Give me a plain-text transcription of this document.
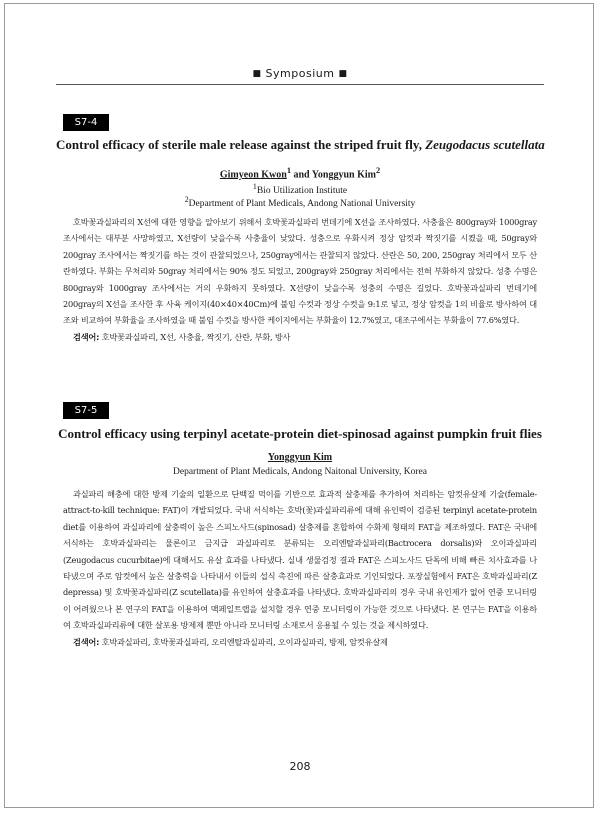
■ Symposium ■
S7-4
Control efficacy of sterile male release against the striped fruit fly, Zeugodacus scutellata
Gimyeon Kwon$^1$ and Yonggyun Kim$^2$
$^1$Bio Utilization Institute
$^2$Department of Plant Medicals, Andong National University

호박꽃과실파리의 X선에 대한 영향을 알아보기 위해서 호박꽃과실파리 번데기에 X선을 조사하였다. 사충율은 800gray와 1000gray 조사에서는 대부분 사망하였고, X선량이 낮을수록 사충율이 낮았다. 성충으로 우화시켜 정상 암컷과 짝짓기를 시켰을 때, 50gray와 200gray 조사에서는 짝짓기를 하는 것이 관찰되었으나, 250gray에서는 관찰되지 않았다. 산란은 50, 200, 250gray 처리에서 모두 산란하였다. 부화는 무처리와 50gray 처리에서는 90% 정도 되었고, 200gray와 250gray 처리에서는 전혀 부화하지 않았다. 성충 수명은 800gray와 1000gray 조사에서는 거의 우화하지 못하였다. X선량이 낮을수록 성충의 수명은 길었다. 호박꽃과실파리 번데기에 200gray의 X선을 조사한 후 사육 케이지(40×40×40Cm)에 불임 수컷과 정상 수컷을 9:1로 넣고, 정상 암컷을 1의 비율로 방사하여 대조와 비교하여 부화율을 조사하였을 때 불임 수컷을 방사한 케이지에서는 부화율이 12.7%였고, 대조구에서는 부화율이 77.6%였다.

검색어: 호박꽃과실파리, X선, 사충율, 짝짓기, 산란, 부화, 방사

S7-5
Control efficacy using terpinyl acetate-protein diet-spinosad against pumpkin fruit flies
Yonggyun Kim
Department of Plant Medicals, Andong Naitonal University, Korea

과실파리 해충에 대한 방제 기술의 일환으로 단백질 먹이를 기반으로 효과적 살충제를 추가하여 처리하는 암컷유살제 기술(female-attract-to-kill technique: FAT)이 개발되었다. 국내 서식하는 호박(꽃)과실파리류에 대해 유인력이 검증된 terpinyl acetate-protein diet를 이용하여 과실파리에 살충력이 높은 스피노사드(spinosad) 살충제를 혼합하여 수화제 형태의 FAT을 제조하였다. FAT은 국내에 서식하는 호박과실파리는 물론이고 금지급 과실파리로 분류되는 오리엔탈과실파리(Bactrocera dorsalis)와 오이과실파리(Zeugodacus cucurbitae)에 대해서도 유살 효과를 나타냈다. 실내 생물검정 결과 FAT은 스피노사드 단독에 비해 빠른 치사효과를 나타냈으며 주로 암컷에서 높은 살충력을 나타내서 이들의 섭식 촉진에 따른 살충효과로 기인되었다. 포장실험에서 FAT은 호박과실파리(Z depressa) 및 호박꽃과실파리(Z scutellata)를 유인하여 살충효과를 나타냈다. 호박과실파리의 경우 국내 유인제가 없어 연중 모니터링이 어려웠으나 본 연구의 FAT을 이용하여 맥페일트랩을 설치할 경우 연중 모니터링이 가능한 것으로 나타냈다. 본 연구는 FAT을 이용하여 호박과실파리류에 대한 살포용 방제제 뿐만 아니라 모니터링 소재로서 응용될 수 있는 것을 제시하였다.

검색어: 호박과실파리, 호박꽃과실파리, 오리엔탈과실파리, 오이과실파리, 방제, 암컷유살제

208
